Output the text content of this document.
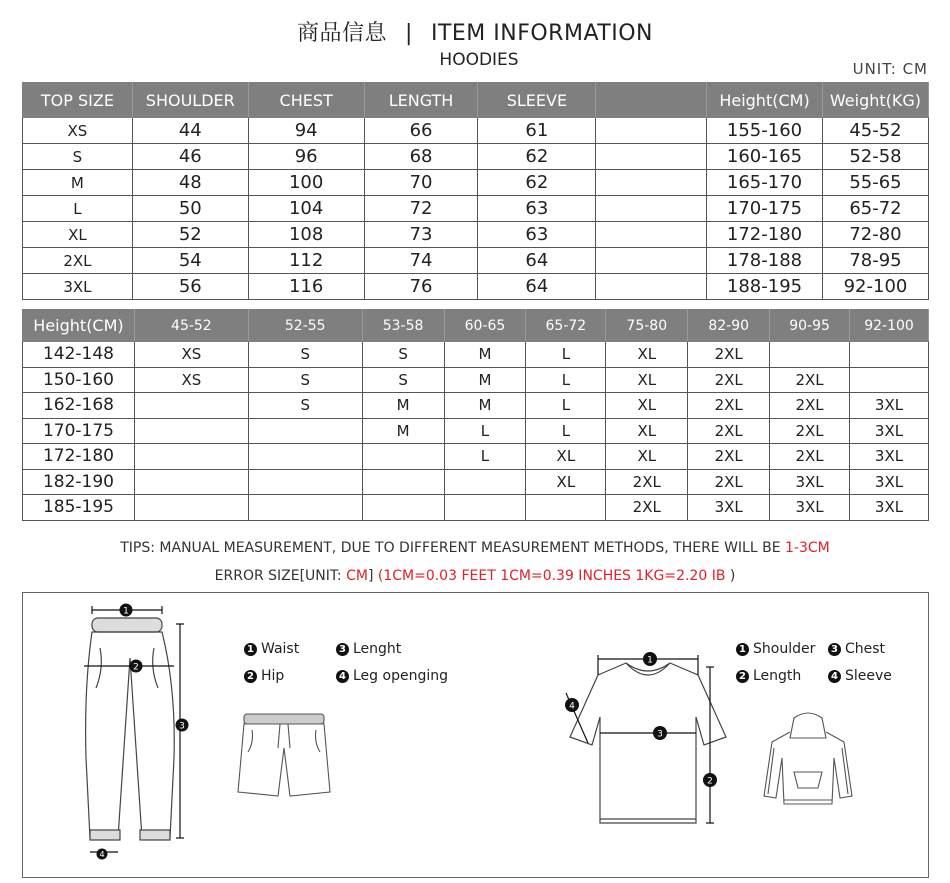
商品信息 | ITEM INFORMATION
HOODIES	UNIT: CM
TOP SIZE	SHOULDER	CHEST	LENGTH	SLEEVE		Height(CM)	Weight(KG)
XS	44	94	66	61		155-160	45-52
S	46	96	68	62		160-165	52-58
M	48	100	70	62		165-170	55-65
L	50	104	72	63		170-175	65-72
XL	52	108	73	63		172-180	72-80
2XL	54	112	74	64		178-188	78-95
3XL	56	116	76	64		188-195	92-100
Height(CM)	45-52	52-55	53-58	60-65	65-72	75-80	82-90	90-95	92-100
142-148	XS	S	S	M	L	XL	2XL		
150-160	XS	S	S	M	L	XL	2XL	2XL	
162-168		S	M	M	L	XL	2XL	2XL	3XL
170-175			M	L	L	XL	2XL	2XL	3XL
172-180				L	XL	XL	2XL	2XL	3XL
182-190					XL	2XL	2XL	3XL	3XL
185-195						2XL	3XL	3XL	3XL
TIPS: MANUAL MEASUREMENT, DUE TO DIFFERENT MEASUREMENT METHODS, THERE WILL BE 1-3CM
ERROR SIZE[UNIT: CM] (1CM=0.03 FEET 1CM=0.39 INCHES 1KG=2.20 IB )
1
2
3
4
1 Waist
2 Hip
3 Lenght
4 Leg openging
1
3
2
4
1 Shoulder
2 Length
3 Chest
4 Sleeve
